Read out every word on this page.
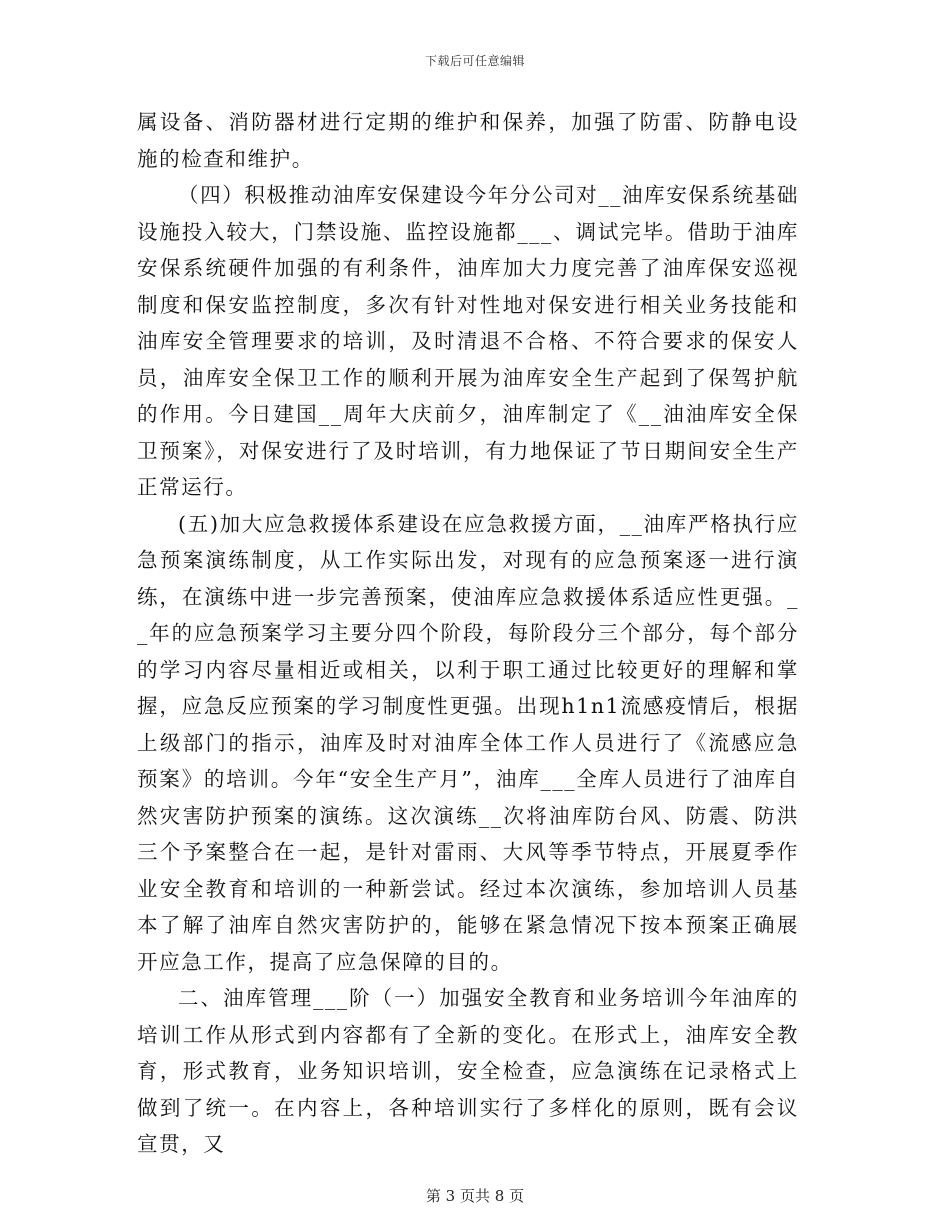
下载后可任意编辑

属设备、消防器材进行定期的维护和保养，加强了防雷、防静电设施的检查和维护。

（四）积极推动油库安保建设今年分公司对__油库安保系统基础设施投入较大，门禁设施、监控设施都___、调试完毕。借助于油库安保系统硬件加强的有利条件，油库加大力度完善了油库保安巡视制度和保安监控制度，多次有针对性地对保安进行相关业务技能和油库安全管理要求的培训，及时清退不合格、不符合要求的保安人员，油库安全保卫工作的顺利开展为油库安全生产起到了保驾护航的作用。今日建国__周年大庆前夕，油库制定了《__油油库安全保卫预案》，对保安进行了及时培训，有力地保证了节日期间安全生产正常运行。

(五)加大应急救援体系建设在应急救援方面，__油库严格执行应急预案演练制度，从工作实际出发，对现有的应急预案逐一进行演练，在演练中进一步完善预案，使油库应急救援体系适应性更强。__年的应急预案学习主要分四个阶段，每阶段分三个部分，每个部分的学习内容尽量相近或相关，以利于职工通过比较更好的理解和掌握，应急反应预案的学习制度性更强。出现h1n1流感疫情后，根据上级部门的指示，油库及时对油库全体工作人员进行了《流感应急预案》的培训。今年“安全生产月”，油库___全库人员进行了油库自然灾害防护预案的演练。这次演练__次将油库防台风、防震、防洪三个予案整合在一起，是针对雷雨、大风等季节特点，开展夏季作业安全教育和培训的一种新尝试。经过本次演练，参加培训人员基本了解了油库自然灾害防护的，能够在紧急情况下按本预案正确展开应急工作，提高了应急保障的目的。

二、油库管理___阶（一）加强安全教育和业务培训今年油库的培训工作从形式到内容都有了全新的变化。在形式上，油库安全教育，形式教育，业务知识培训，安全检查，应急演练在记录格式上做到了统一。在内容上，各种培训实行了多样化的原则，既有会议宣贯，又

第 3 页共 8 页
